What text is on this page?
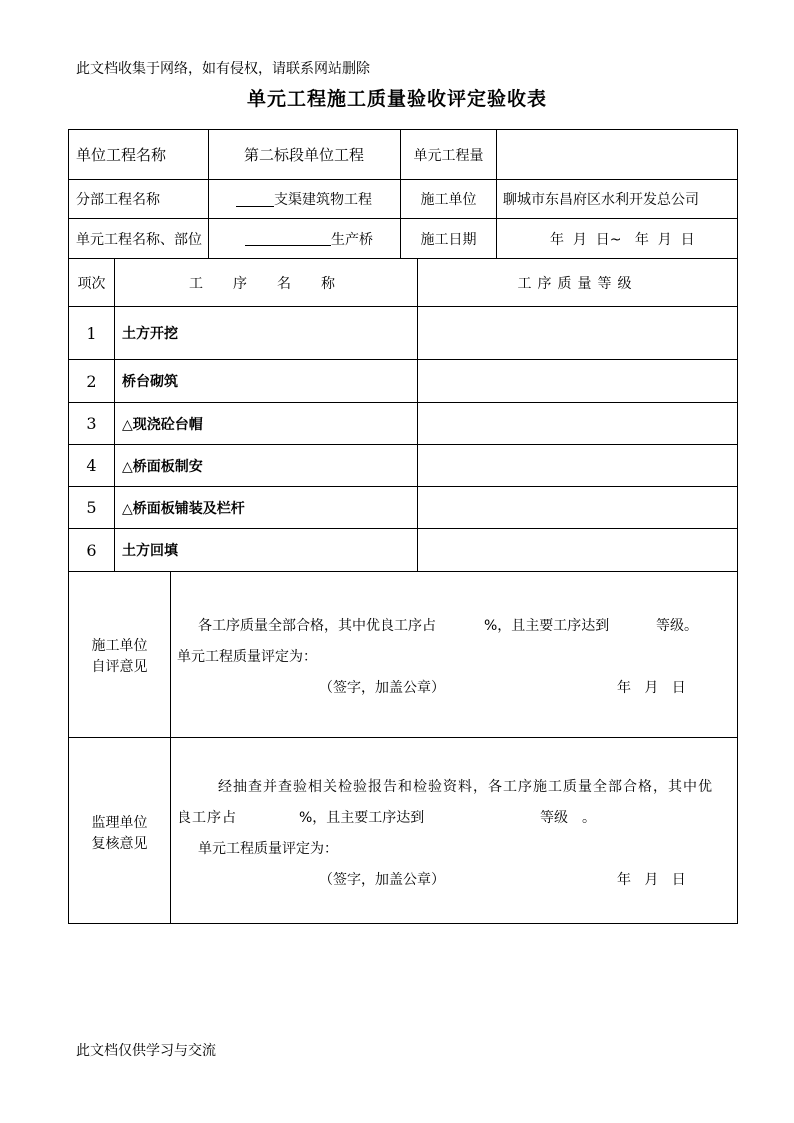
此文档收集于网络，如有侵权，请联系网站删除
单元工程施工质量验收评定验收表
单位工程名称	第二标段单位工程	单元工程量
分部工程名称	支渠建筑物工程	施工单位	聊城市东昌府区水利开发总公司
单元工程名称、部位	生产桥	施工日期	年  月  日~   年  月  日
项次	工　序　名　称	工序质量等级
1	土方开挖
2	桥台砌筑
3	△现浇砼台帽
4	△桥面板制安
5	△桥面板铺装及栏杆
6	土方回填
施工单位
自评意见
各工序质量全部合格，其中优良工序占	%，且主要工序达到	等级。
单元工程质量评定为：
（签字，加盖公章）	年   月   日
监理单位
复核意见
经抽查并查验相关检验报告和检验资料，各工序施工质量全部合格，其中优
良工序占	%，且主要工序达到	等级　。
单元工程质量评定为：
（签字，加盖公章）	年   月   日
此文档仅供学习与交流
